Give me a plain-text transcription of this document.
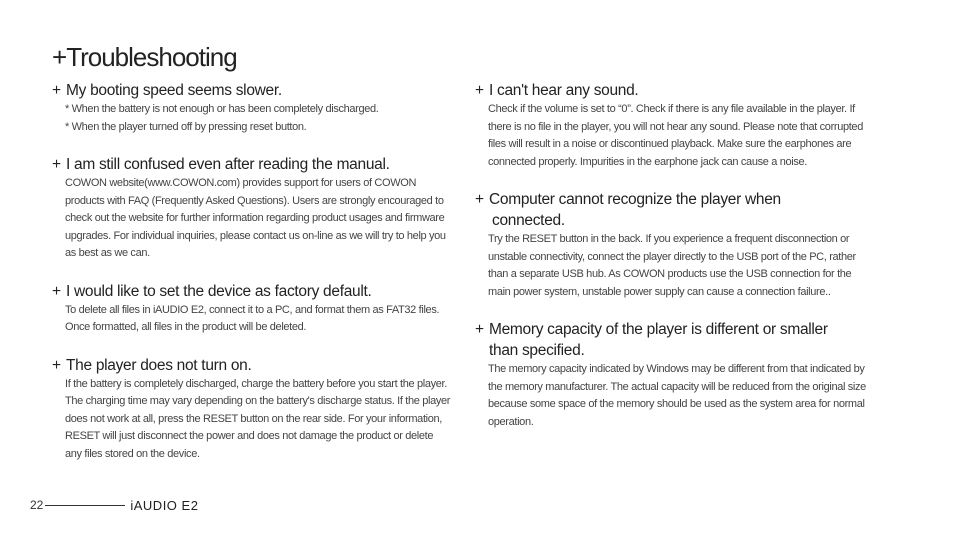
+Troubleshooting

+ My booting speed seems slower.

* When the battery is not enough or has been completely discharged.

* When the player turned off by pressing reset button.

+ I am still confused even after reading the manual.

COWON website(www.COWON.com) provides support for users of COWON products with FAQ (Frequently Asked Questions). Users are strongly encouraged to check out the website for further information regarding product usages and firmware upgrades. For individual inquiries, please contact us on-line as we will try to help you as best as we can.

+ I would like to set the device as factory default.

To delete all files in iAUDIO E2, connect it to a PC, and format them as FAT32 files. Once formatted, all files in the product will be deleted.

+ The player does not turn on.

If the battery is completely discharged, charge the battery before you start the player. The charging time may vary depending on the battery's discharge status. If the player does not work at all, press the RESET button on the rear side. For your information, RESET will just disconnect the power and does not damage the product or delete any files stored on the device.

+ I can't hear any sound.

Check if the volume is set to “0”. Check if there is any file available in the player. If there is no file in the player, you will not hear any sound. Please note that corrupted files will result in a noise or discontinued playback. Make sure the earphones are connected properly. Impurities in the earphone jack can cause a noise.

+ Computer cannot recognize the player when
connected.

Try the RESET button in the back. If you experience a frequent disconnection or unstable connectivity, connect the player directly to the USB port of the PC, rather than a separate USB hub. As COWON products use the USB connection for the main power system, unstable power supply can cause a connection failure..

+ Memory capacity of the player is different or smaller
than specified.

The memory capacity indicated by Windows may be different from that indicated by the memory manufacturer. The actual capacity will be reduced from the original size because some space of the memory should be used as the system area for normal operation.

22	iAUDIO E2
